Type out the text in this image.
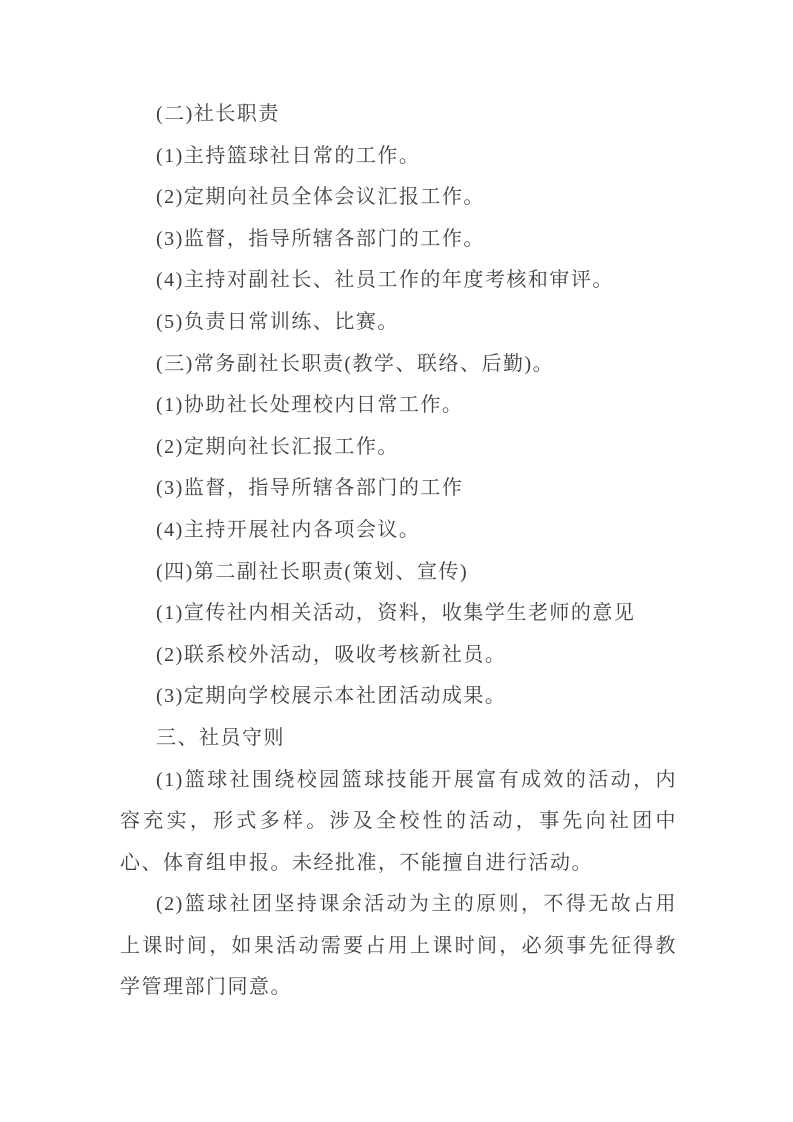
(二)社长职责

(1)主持篮球社日常的工作。

(2)定期向社员全体会议汇报工作。

(3)监督，指导所辖各部门的工作。

(4)主持对副社长、社员工作的年度考核和审评。

(5)负责日常训练、比赛。

(三)常务副社长职责(教学、联络、后勤)。

(1)协助社长处理校内日常工作。

(2)定期向社长汇报工作。

(3)监督，指导所辖各部门的工作

(4)主持开展社内各项会议。

(四)第二副社长职责(策划、宣传)

(1)宣传社内相关活动，资料，收集学生老师的意见

(2)联系校外活动，吸收考核新社员。

(3)定期向学校展示本社团活动成果。

三、社员守则

(1)篮球社围绕校园篮球技能开展富有成效的活动，内容充实，形式多样。涉及全校性的活动，事先向社团中心、体育组申报。未经批准，不能擅自进行活动。

(2)篮球社团坚持课余活动为主的原则，不得无故占用上课时间，如果活动需要占用上课时间，必须事先征得教学管理部门同意。
